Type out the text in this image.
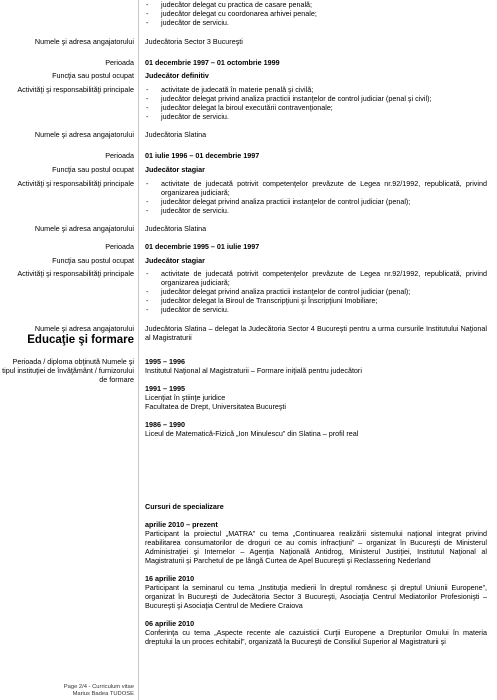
- judecător delegat cu practica de casare penală;
- judecător delegat cu coordonarea arhivei penale;
- judecător de serviciu.
Numele şi adresa angajatorului Judecătoria Sector 3 Bucureşti
Perioada 01 decembrie 1997 – 01 octombrie 1999
Funcţia sau postul ocupat Judecător definitiv
Activităţi şi responsabilităţi principale - activitate de judecată în materie penală şi civilă;
- judecător delegat privind analiza practicii instanţelor de control judiciar (penal şi civil);
- judecător delegat la biroul executării contravenţionale;
- judecător de serviciu.
Numele şi adresa angajatorului Judecătoria Slatina
Perioada 01 iulie 1996 – 01 decembrie 1997
Funcţia sau postul ocupat Judecător stagiar
Activităţi şi responsabilităţi principale - activitate de judecată potrivit competenţelor prevăzute de Legea nr.92/1992, republicată, privind organizarea judiciară;
- judecător delegat privind analiza practicii instanţelor de control judiciar (penal);
- judecător de serviciu.
Numele şi adresa angajatorului Judecătoria Slatina
Perioada 01 decembrie 1995 – 01 iulie 1997
Funcţia sau postul ocupat Judecător stagiar
Activităţi şi responsabilităţi principale - activitate de judecată potrivit competenţelor prevăzute de Legea nr.92/1992, republicată, privind organizarea judiciară;
- judecător delegat privind analiza practicii instanţelor de control judiciar (penal);
- judecător delegat la Biroul de Transcripţiuni şi Înscripţiuni Imobiliare;
- judecător de serviciu.
Numele şi adresa angajatorului Judecătoria Slatina – delegat la Judecătoria Sector 4 Bucureşti pentru a urma cursurile Institutului Naţional al Magistraturii
Educaţie şi formare
Perioada / diploma obţinută Numele şi tipul instituţiei de învăţământ / furnizorului de formare

1995 – 1996

Institutul Naţional al Magistraturii – Formare iniţială pentru judecători

1991 – 1995

Licenţiat în ştiinţe juridice

Facultatea de Drept, Universitatea Bucureşti

1986 – 1990

Liceul de Matematică-Fizică „Ion Minulescu” din Slatina – profil real

Cursuri de specializare

aprilie 2010 – prezent

Participant la proiectul „MATRA” cu tema „Continuarea realizării sistemului naţional integrat privind reabilitarea consumatorilor de droguri ce au comis infracţiuni” – organizat în Bucureşti de Ministerul Administraţiei şi Internelor – Agenţia Naţională Antidrog, Ministerul Justiţiei, Institutul Naţional al Magistraturii şi Parchetul de pe lângă Curtea de Apel Bucureşti şi Reclassering Nederland

16 aprilie 2010

Participant la seminarul cu tema „Instituţia medierii în dreptul românesc şi dreptul Uniunii Europene”, organizat în Bucureşti de Judecătoria Sector 3 Bucureşti, Asociaţia Centrul Mediatorilor Profesionişti – Bucureşti şi Asociaţia Centrul de Mediere Craiova

06 aprilie 2010

Conferinţa cu tema „Aspecte recente ale cazuisticii Curţii Europene a Drepturilor Omului în materia dreptului la un proces echitabil”, organizată la Bucureşti de Consiliul Superior al Magistraturii şi

Page 2/4 - Curriculum vitae
Marius Badea TUDOSE
